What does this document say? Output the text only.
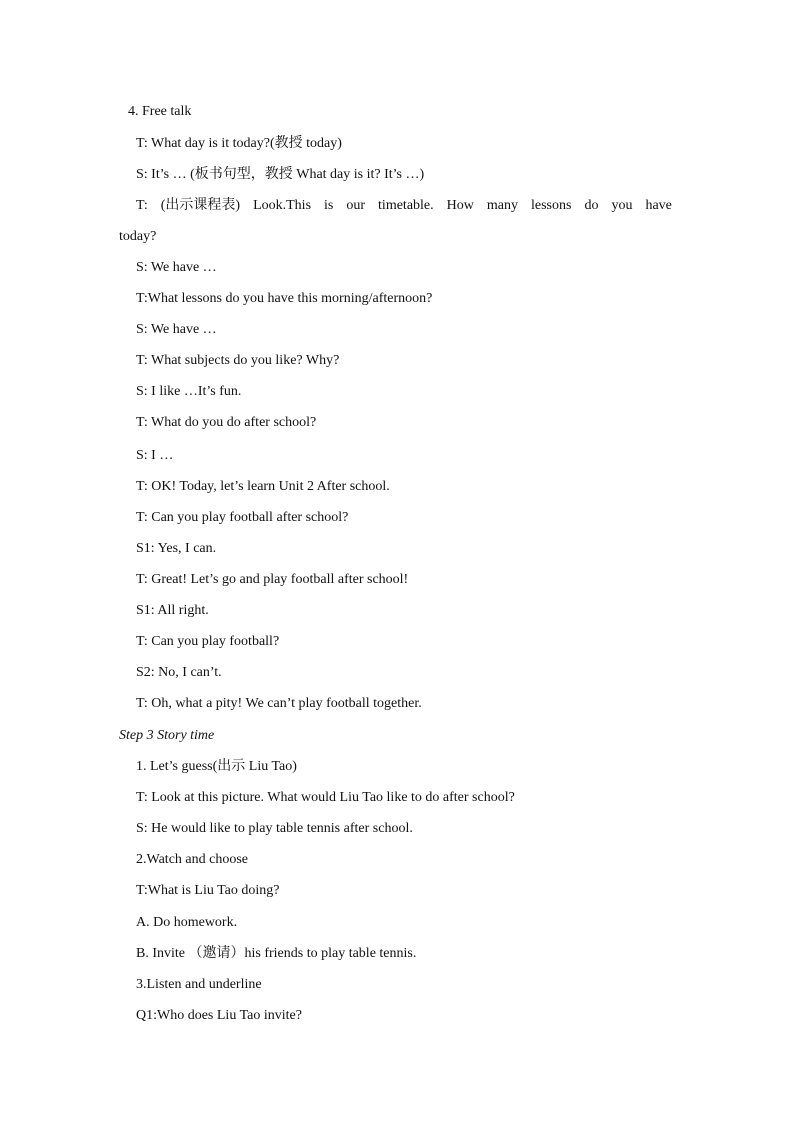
4. Free talk
T: What day is it today?(教授 today)
S: It’s … (板书句型，教授 What day is it? It’s …)
T: (出示课程表) Look.This is our timetable. How many lessons do you have
today?
S: We have …
T:What lessons do you have this morning/afternoon?
S: We have …
T: What subjects do you like? Why?
S: I like …It’s fun.
T: What do you do after school?
S: I …
T: OK! Today, let’s learn Unit 2 After school.
T: Can you play football after school?
S1: Yes, I can.
T: Great! Let’s go and play football after school!
S1: All right.
T: Can you play football?
S2: No, I can’t.
T: Oh, what a pity! We can’t play football together.
Step 3 Story time
1. Let’s guess(出示 Liu Tao)
T: Look at this picture. What would Liu Tao like to do after school?
S: He would like to play table tennis after school.
2.Watch and choose
T:What is Liu Tao doing?
A. Do homework.
B. Invite （邀请）his friends to play table tennis.
3.Listen and underline
Q1:Who does Liu Tao invite?
